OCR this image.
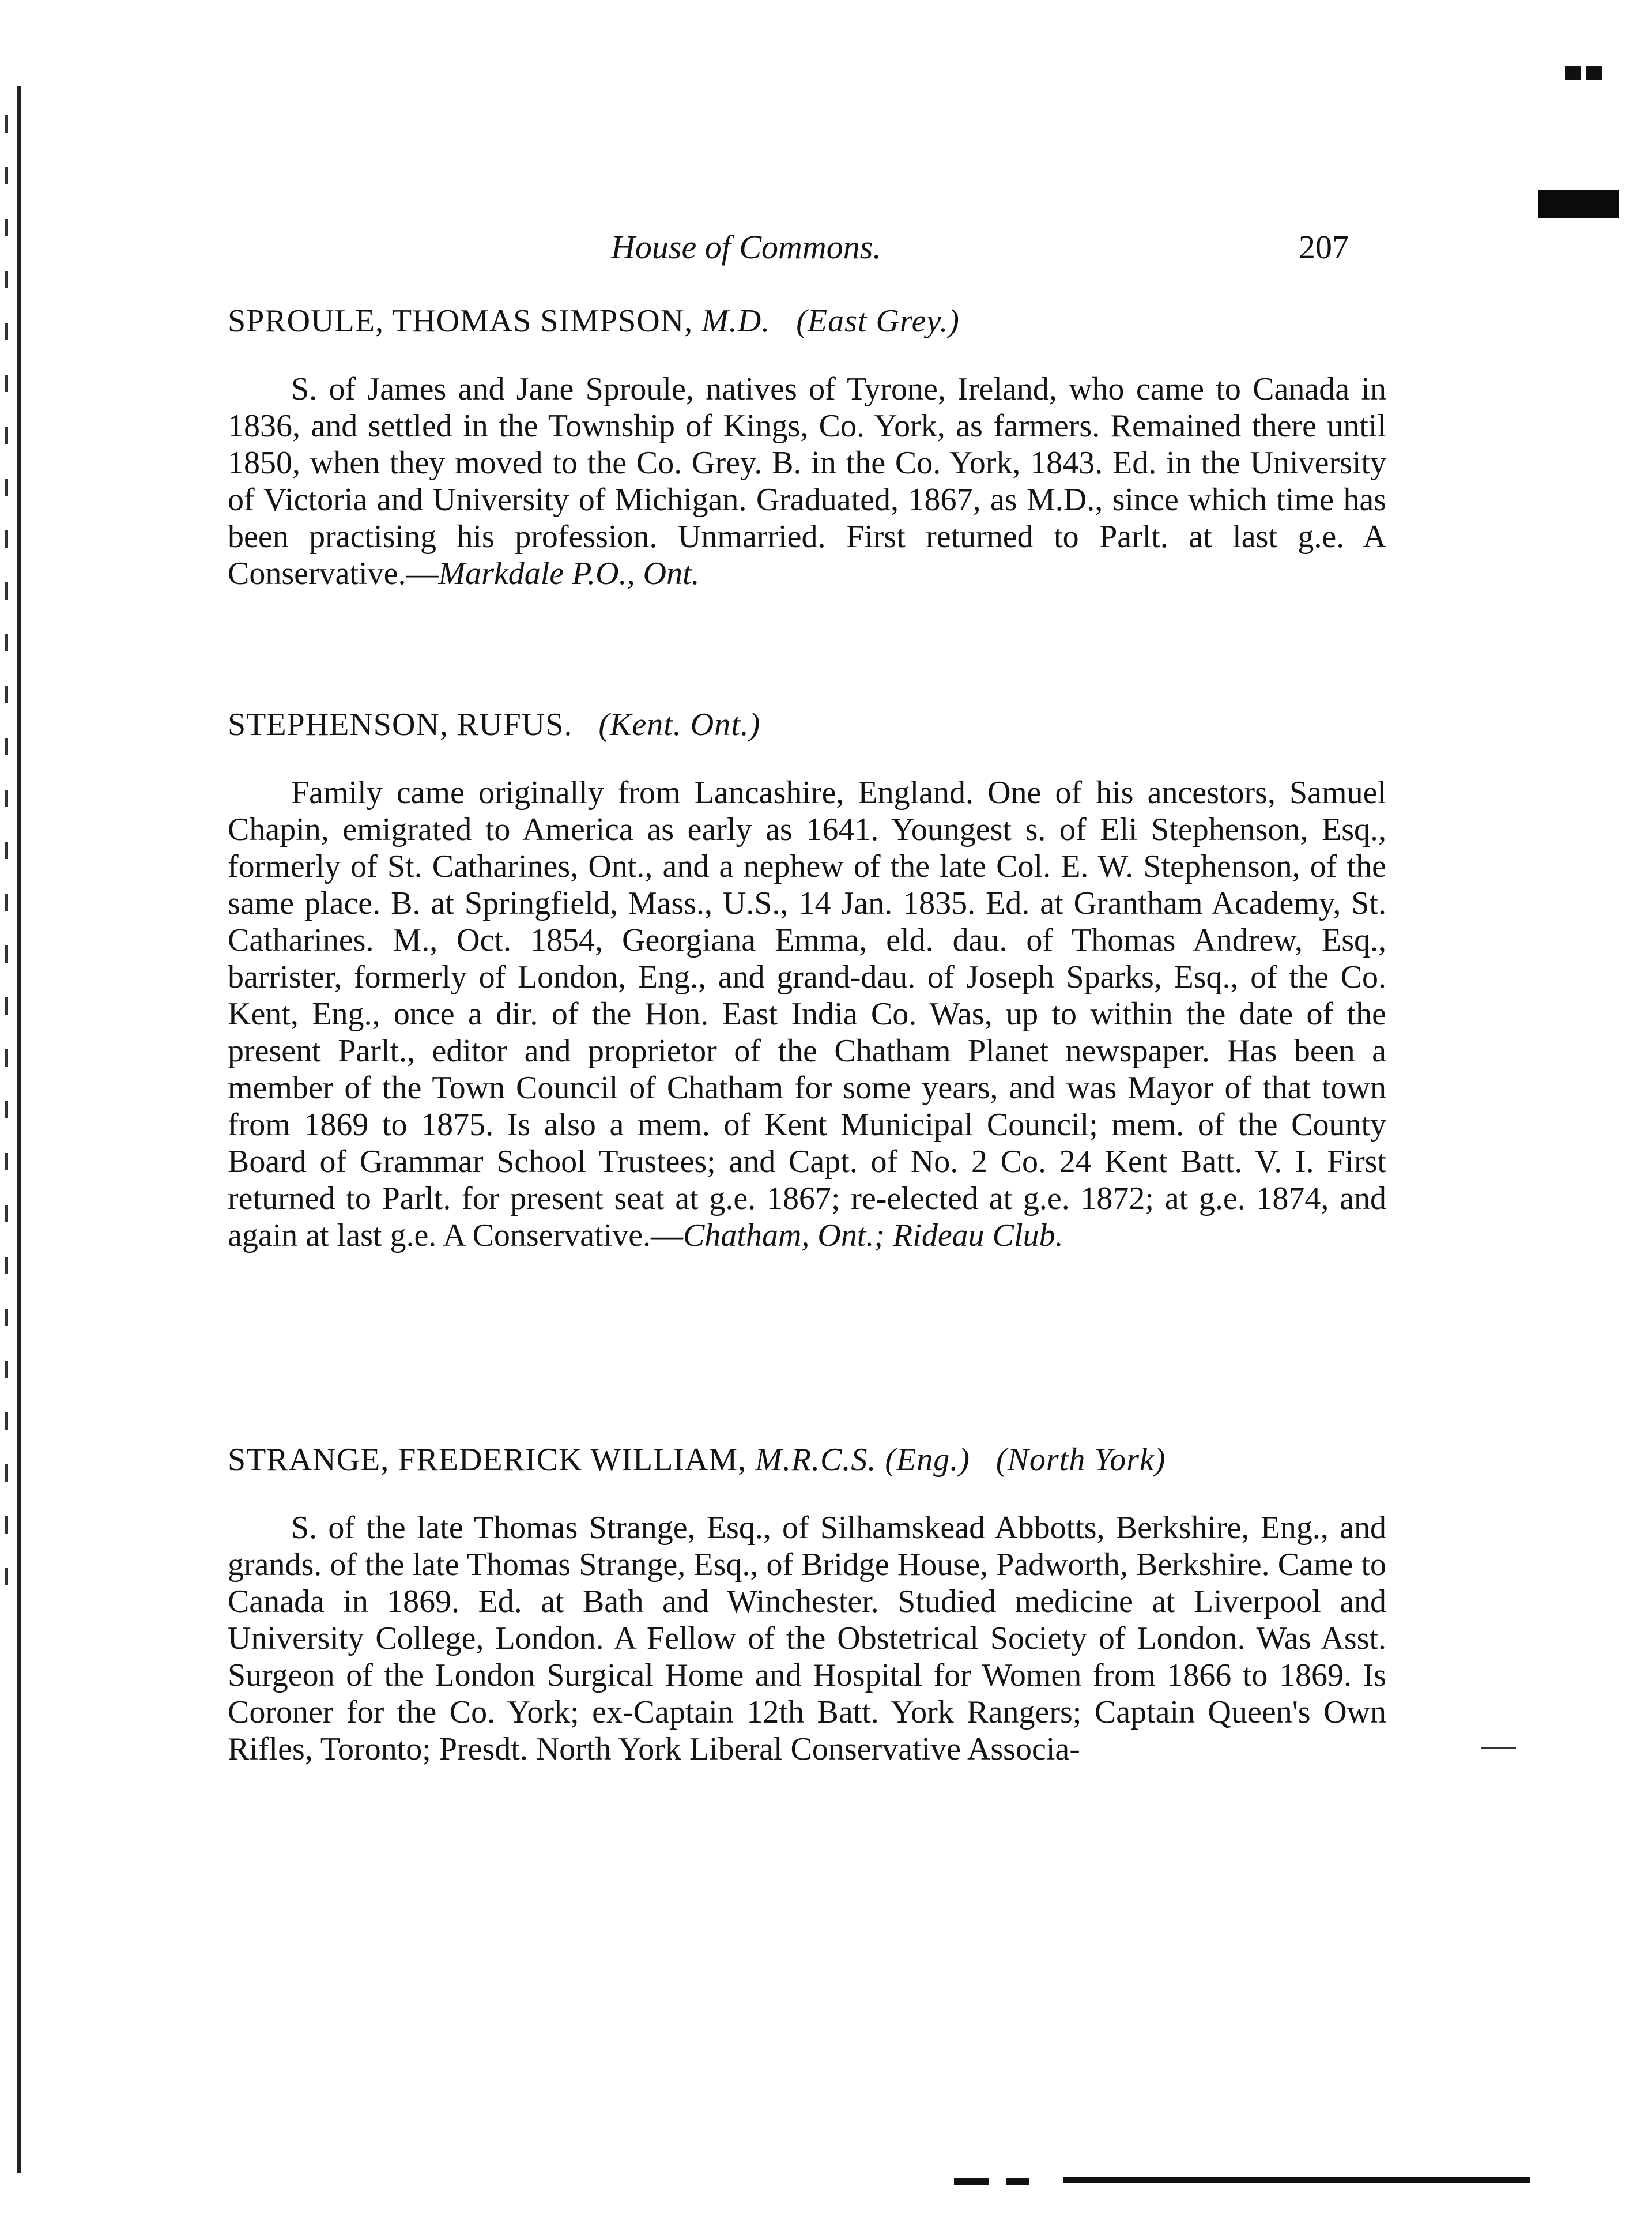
House of Commons.	207

SPROULE, THOMAS SIMPSON, M.D. (East Grey.)

S. of James and Jane Sproule, natives of Tyrone, Ireland, who came to Canada in 1836, and settled in the Township of Kings, Co. York, as farmers. Remained there until 1850, when they moved to the Co. Grey. B. in the Co. York, 1843. Ed. in the University of Victoria and University of Michigan. Graduated, 1867, as M.D., since which time has been practising his profession. Unmarried. First returned to Parlt. at last g.e. A Conservative.—Markdale P.O., Ont.

STEPHENSON, RUFUS. (Kent. Ont.)

Family came originally from Lancashire, England. One of his ancestors, Samuel Chapin, emigrated to America as early as 1641. Youngest s. of Eli Stephenson, Esq., formerly of St. Catharines, Ont., and a nephew of the late Col. E. W. Stephenson, of the same place. B. at Springfield, Mass., U.S., 14 Jan. 1835. Ed. at Grantham Academy, St. Catharines. M., Oct. 1854, Georgiana Emma, eld. dau. of Thomas Andrew, Esq., barrister, formerly of London, Eng., and grand-dau. of Joseph Sparks, Esq., of the Co. Kent, Eng., once a dir. of the Hon. East India Co. Was, up to within the date of the present Parlt., editor and proprietor of the Chatham Planet newspaper. Has been a member of the Town Council of Chatham for some years, and was Mayor of that town from 1869 to 1875. Is also a mem. of Kent Municipal Council; mem. of the County Board of Grammar School Trustees; and Capt. of No. 2 Co. 24 Kent Batt. V. I. First returned to Parlt. for present seat at g.e. 1867; re-elected at g.e. 1872; at g.e. 1874, and again at last g.e. A Conservative.—Chatham, Ont.; Rideau Club.

STRANGE, FREDERICK WILLIAM, M.R.C.S. (Eng.) (North York)

S. of the late Thomas Strange, Esq., of Silhamskead Abbotts, Berkshire, Eng., and grands. of the late Thomas Strange, Esq., of Bridge House, Padworth, Berkshire. Came to Canada in 1869. Ed. at Bath and Winchester. Studied medicine at Liverpool and University College, London. A Fellow of the Obstetrical Society of London. Was Asst. Surgeon of the London Surgical Home and Hospital for Women from 1866 to 1869. Is Coroner for the Co. York; ex-Captain 12th Batt. York Rangers; Captain Queen's Own Rifles, Toronto; Presdt. North York Liberal Conservative Associa-
